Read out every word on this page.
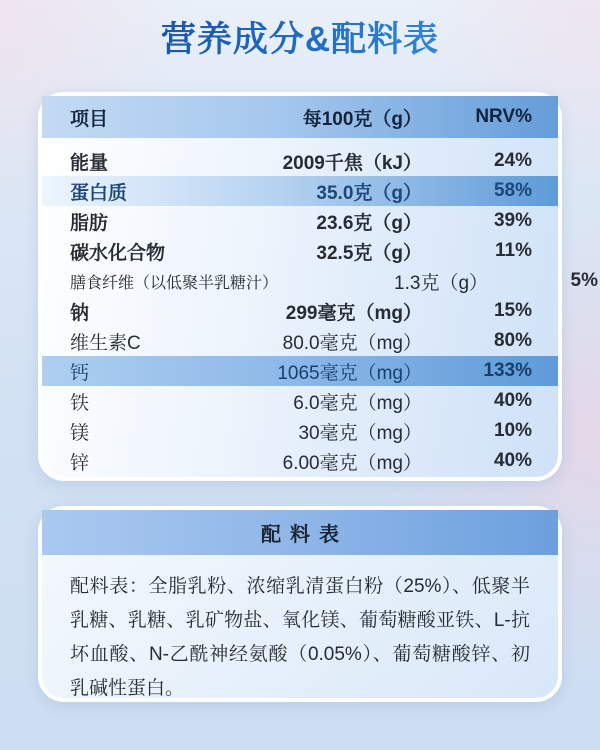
营养成分&配料表
项目	每100克（g）	NRV%
能量	2009千焦（kJ）	24%
蛋白质	35.0克（g）	58%
脂肪	23.6克（g）	39%
碳水化合物	32.5克（g）	11%
膳食纤维（以低聚半乳糖汁）	1.3克（g）	5%
钠	299毫克（mg）	15%
维生素C	80.0毫克（mg）	80%
钙	1065毫克（mg）	133%
铁	6.0毫克（mg）	40%
镁	30毫克（mg）	10%
锌	6.00毫克（mg）	40%
配料表
配料表：全脂乳粉、浓缩乳清蛋白粉（25%）、低聚半乳糖、乳糖、乳矿物盐、氧化镁、葡萄糖酸亚铁、L-抗坏血酸、N-乙酰神经氨酸（0.05%）、葡萄糖酸锌、初乳碱性蛋白。
